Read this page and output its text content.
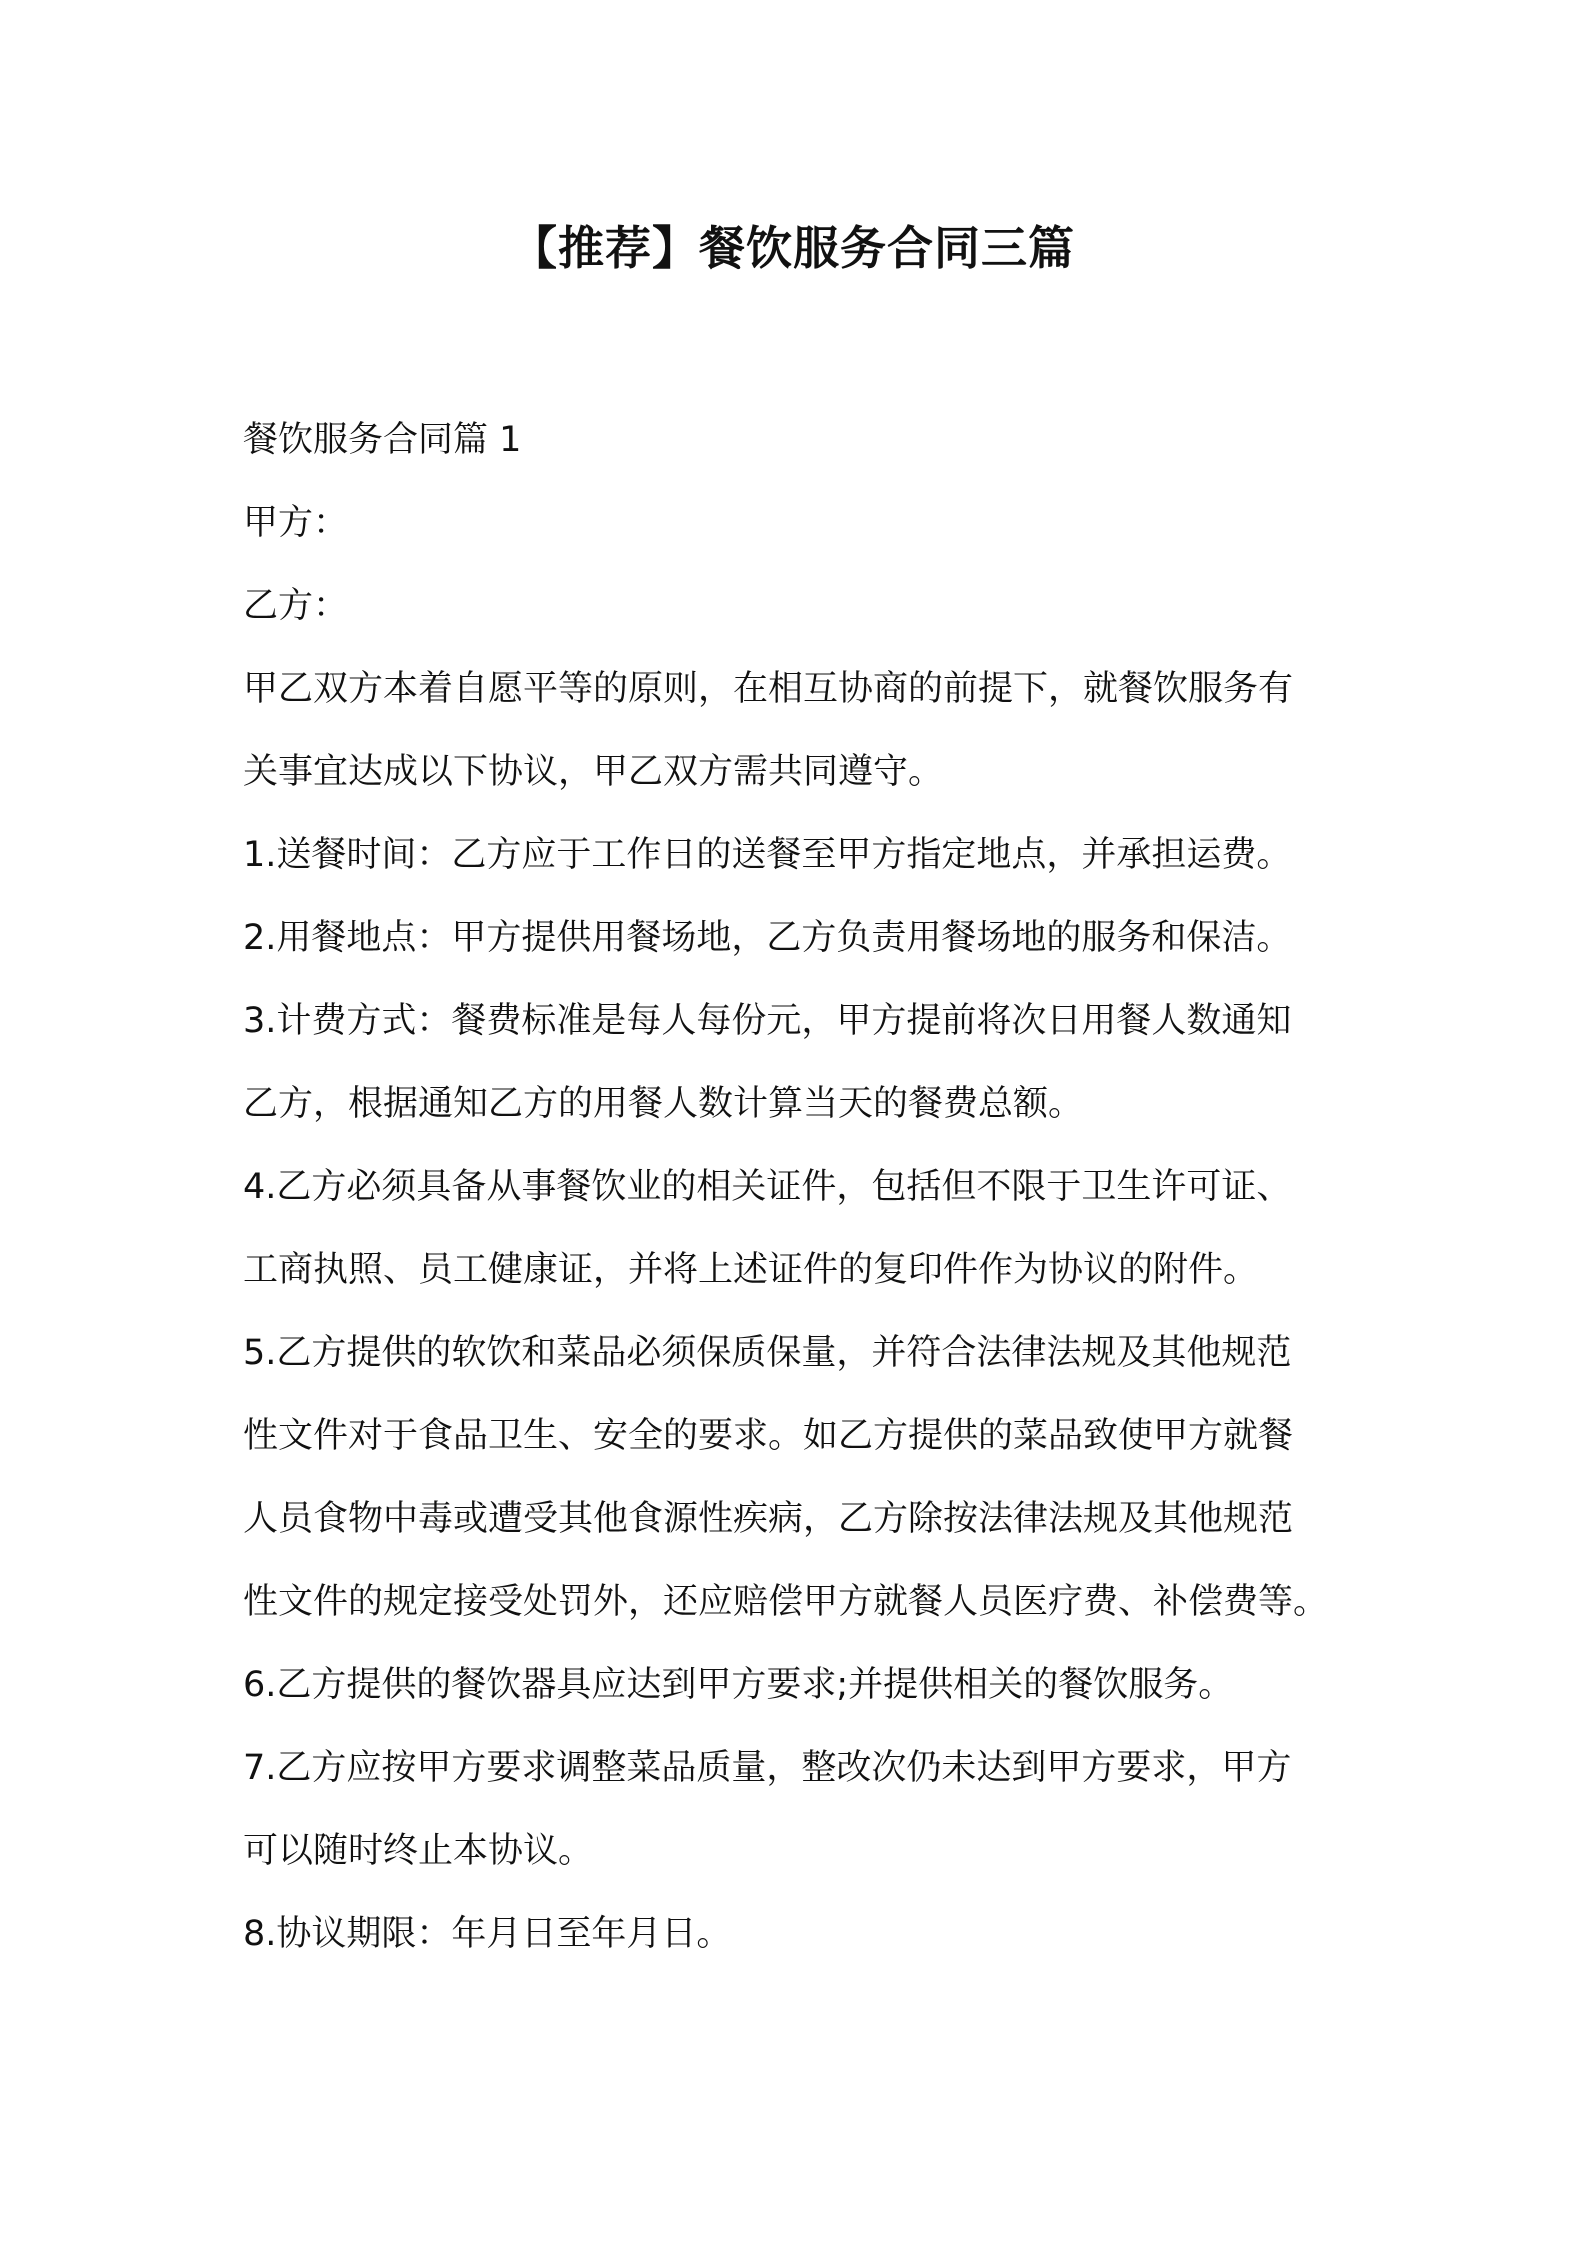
【推荐】餐饮服务合同三篇

餐饮服务合同篇 1

甲方：

乙方：

甲乙双方本着自愿平等的原则，在相互协商的前提下，就餐饮服务有

关事宜达成以下协议，甲乙双方需共同遵守。

1.送餐时间：乙方应于工作日的送餐至甲方指定地点，并承担运费。

2.用餐地点：甲方提供用餐场地，乙方负责用餐场地的服务和保洁。

3.计费方式：餐费标准是每人每份元，甲方提前将次日用餐人数通知

乙方，根据通知乙方的用餐人数计算当天的餐费总额。

4.乙方必须具备从事餐饮业的相关证件，包括但不限于卫生许可证、

工商执照、员工健康证，并将上述证件的复印件作为协议的附件。

5.乙方提供的软饮和菜品必须保质保量，并符合法律法规及其他规范

性文件对于食品卫生、安全的要求。如乙方提供的菜品致使甲方就餐

人员食物中毒或遭受其他食源性疾病，乙方除按法律法规及其他规范

性文件的规定接受处罚外，还应赔偿甲方就餐人员医疗费、补偿费等。

6.乙方提供的餐饮器具应达到甲方要求;并提供相关的餐饮服务。

7.乙方应按甲方要求调整菜品质量，整改次仍未达到甲方要求，甲方

可以随时终止本协议。

8.协议期限：年月日至年月日。
